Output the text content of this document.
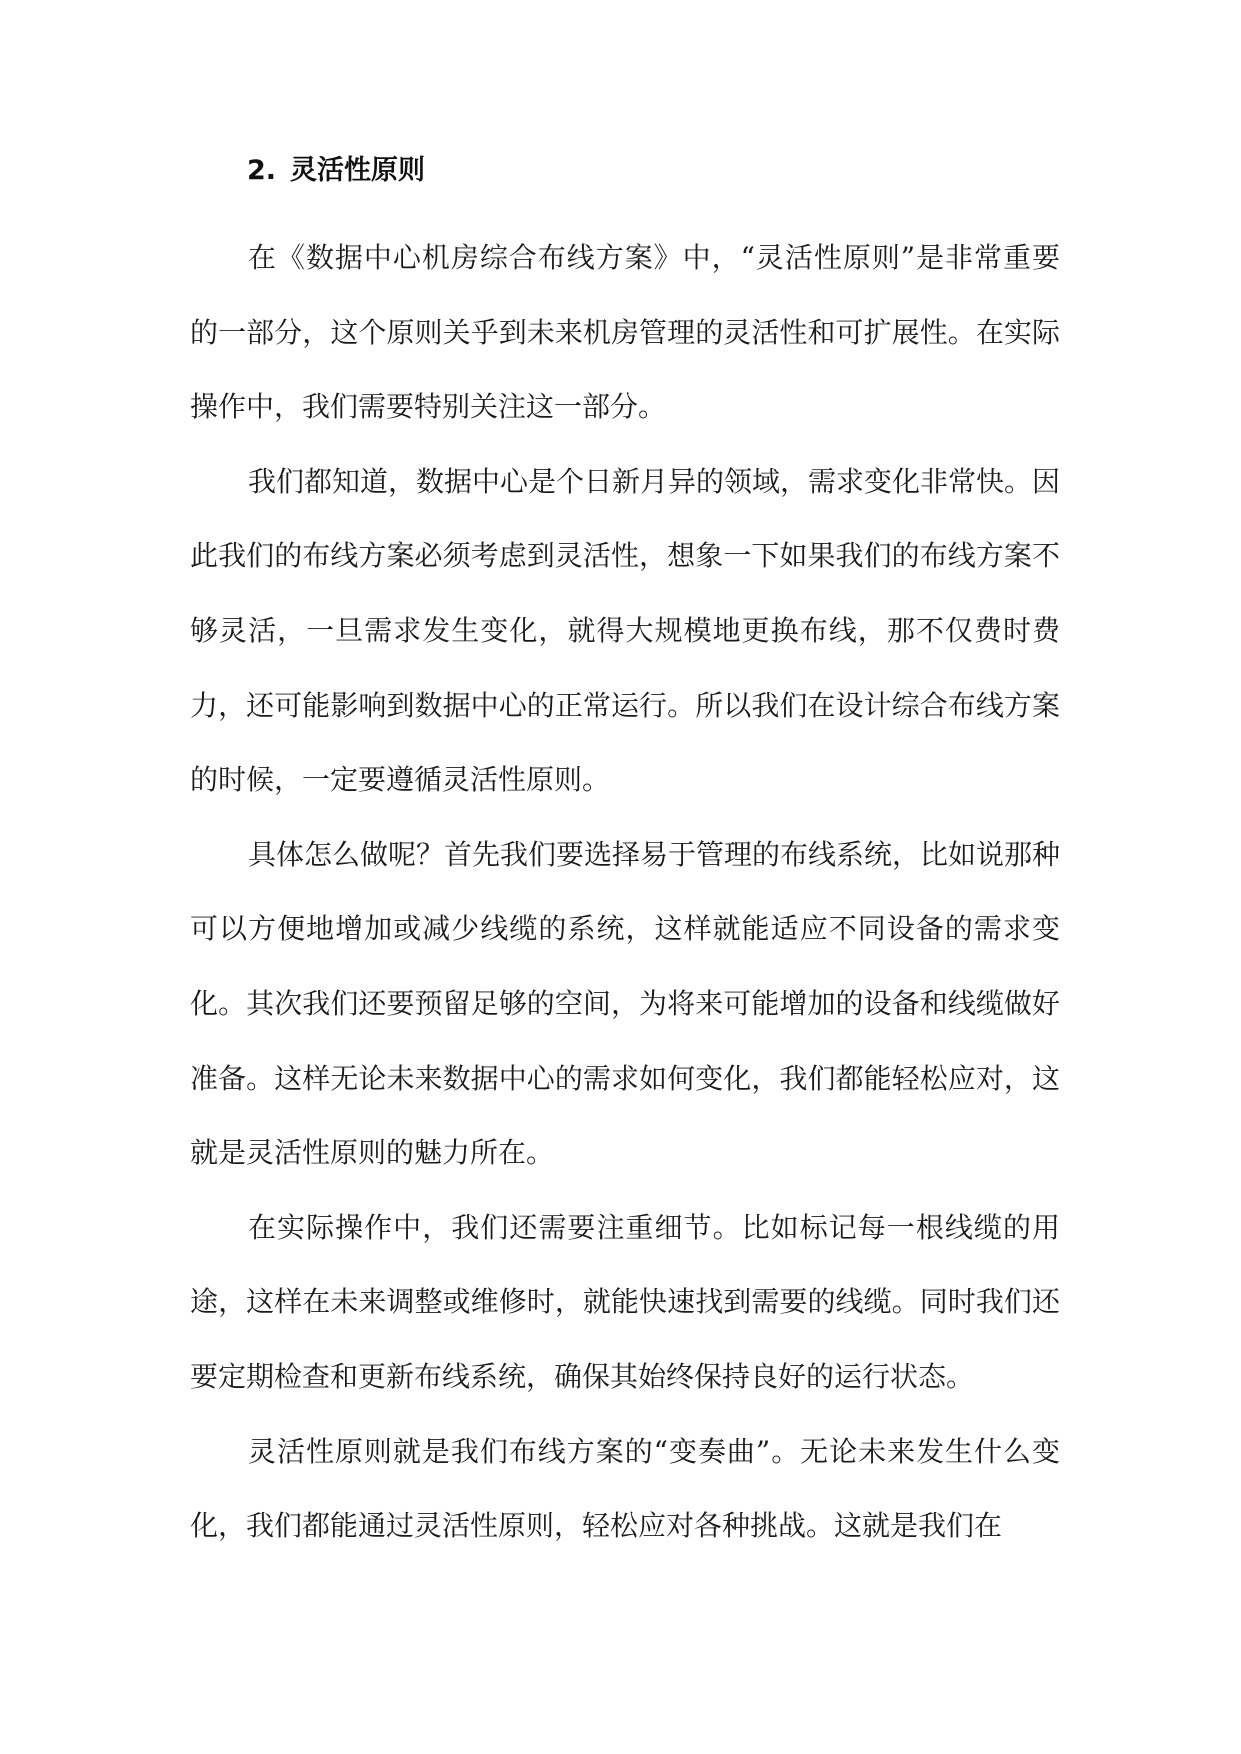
2. 灵活性原则

在《数据中心机房综合布线方案》中，“灵活性原则”是非常重要的一部分，这个原则关乎到未来机房管理的灵活性和可扩展性。在实际操作中，我们需要特别关注这一部分。

我们都知道，数据中心是个日新月异的领域，需求变化非常快。因此我们的布线方案必须考虑到灵活性，想象一下如果我们的布线方案不够灵活，一旦需求发生变化，就得大规模地更换布线，那不仅费时费力，还可能影响到数据中心的正常运行。所以我们在设计综合布线方案的时候，一定要遵循灵活性原则。

具体怎么做呢？首先我们要选择易于管理的布线系统，比如说那种可以方便地增加或减少线缆的系统，这样就能适应不同设备的需求变化。其次我们还要预留足够的空间，为将来可能增加的设备和线缆做好准备。这样无论未来数据中心的需求如何变化，我们都能轻松应对，这就是灵活性原则的魅力所在。

在实际操作中，我们还需要注重细节。比如标记每一根线缆的用途，这样在未来调整或维修时，就能快速找到需要的线缆。同时我们还要定期检查和更新布线系统，确保其始终保持良好的运行状态。

灵活性原则就是我们布线方案的“变奏曲”。无论未来发生什么变化，我们都能通过灵活性原则，轻松应对各种挑战。这就是我们在
